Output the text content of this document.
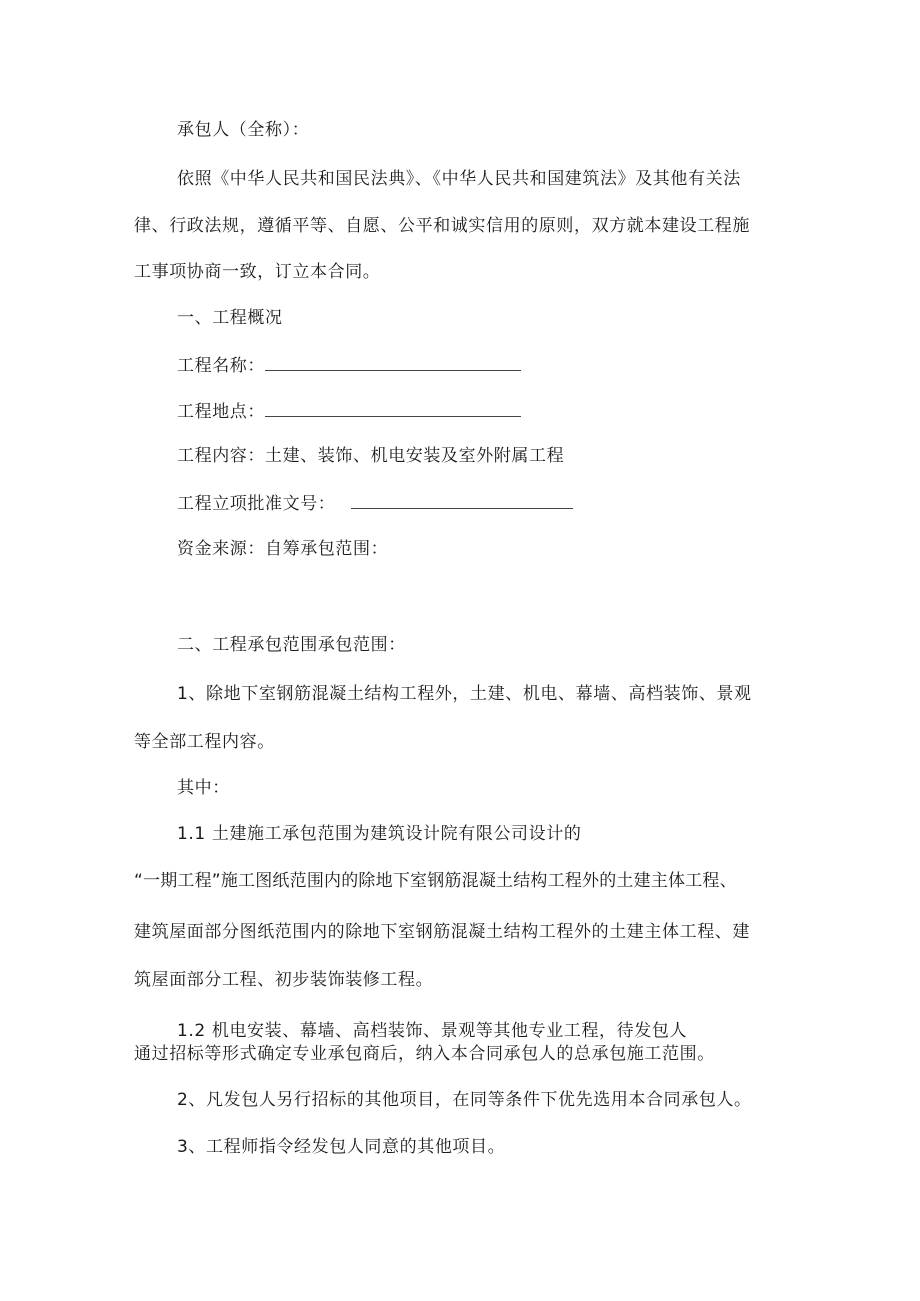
承包人（全称）：
依照《中华人民共和国民法典》、《中华人民共和国建筑法》及其他有关法
律、行政法规，遵循平等、自愿、公平和诚实信用的原则，双方就本建设工程施
工事项协商一致，订立本合同。
一、工程概况
工程名称：
工程地点：
工程内容：土建、装饰、机电安装及室外附属工程
工程立项批准文号：
资金来源：自筹承包范围：
二、工程承包范围承包范围：
1、除地下室钢筋混凝土结构工程外，土建、机电、幕墙、高档装饰、景观
等全部工程内容。
其中：
1.1 土建施工承包范围为建筑设计院有限公司设计的
“一期工程”施工图纸范围内的除地下室钢筋混凝土结构工程外的土建主体工程、
建筑屋面部分图纸范围内的除地下室钢筋混凝土结构工程外的土建主体工程、建
筑屋面部分工程、初步装饰装修工程。
1.2 机电安装、幕墙、高档装饰、景观等其他专业工程，待发包人
通过招标等形式确定专业承包商后，纳入本合同承包人的总承包施工范围。
2、凡发包人另行招标的其他项目，在同等条件下优先选用本合同承包人。
3、工程师指令经发包人同意的其他项目。
